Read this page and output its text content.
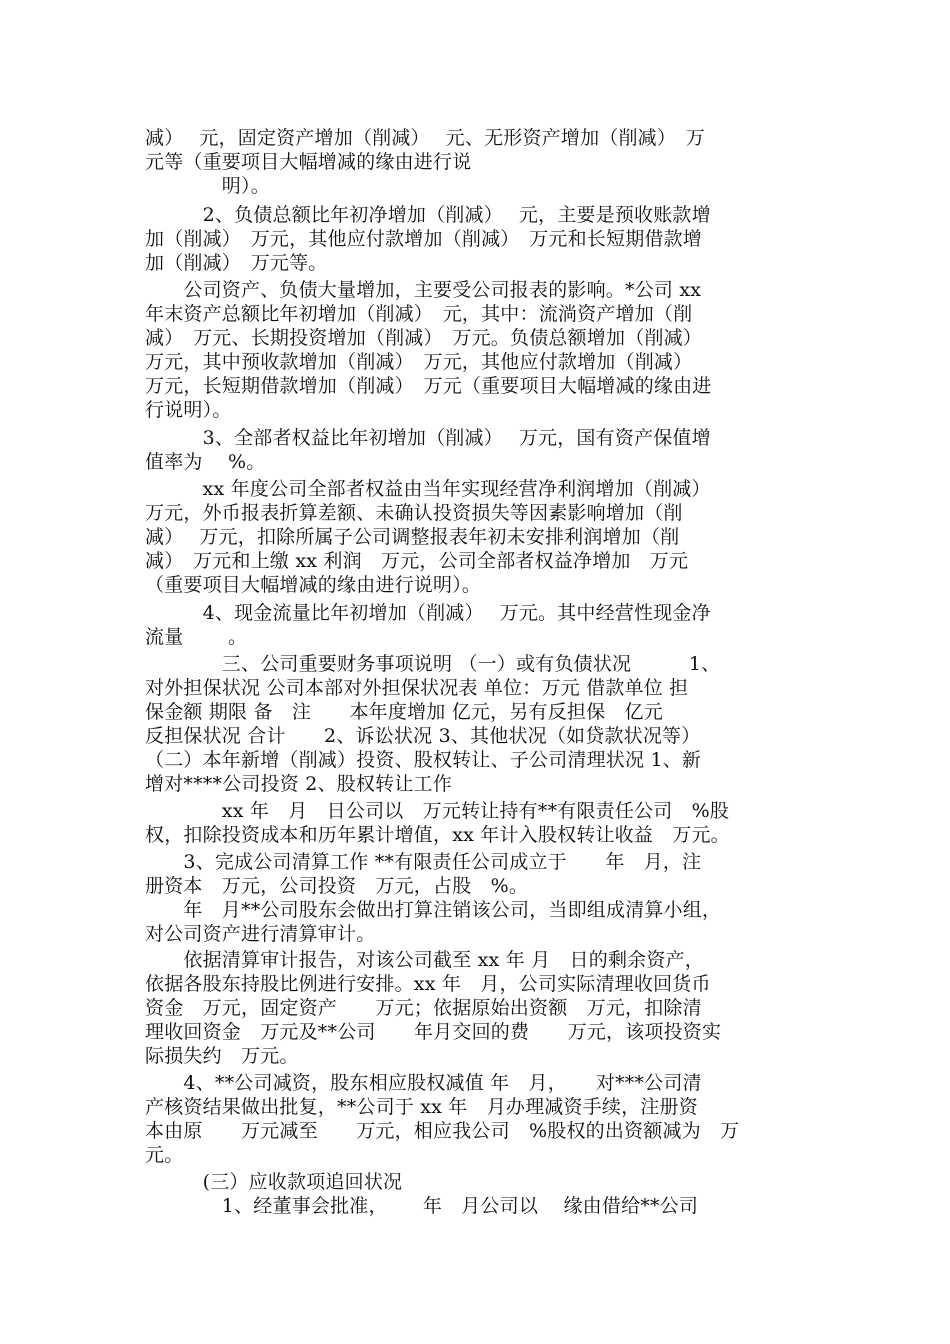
减）　 元，固定资产增加（削减）　 元、无形资产增加（削减）　万
元等（重要项目大幅增减的缘由进行说
　　　　明）。
　　　2、负债总额比年初净增加（削减）　 元，主要是预收账款增
加（削减）　万元，其他应付款增加（削减）　万元和长短期借款增
加（削减）　万元等。
　　公司资产、负债大量增加，主要受公司报表的影响。*公司 xx
年末资产总额比年初增加（削减）　元，其中：流淌资产增加（削
减）　万元、长期投资增加（削减）　万元。负债总额增加（削减）
万元，其中预收款增加（削减）　万元，其他应付款增加（削减）
万元，长短期借款增加（削减）　万元（重要项目大幅增减的缘由进
行说明）。
　　　3、全部者权益比年初增加（削减）　 万元，国有资产保值增
值率为　 %。
　　　xx 年度公司全部者权益由当年实现经营净利润增加（削减）
万元，外币报表折算差额、未确认投资损失等因素影响增加（削
减）　 万元，扣除所属子公司调整报表年初未安排利润增加（削
减）　万元和上缴 xx 利润　万元，公司全部者权益净增加　万元
（重要项目大幅增减的缘由进行说明）。
　　　4、现金流量比年初增加（削减）　 万元。其中经营性现金净
流量　　 。
　　　　三、公司重要财务事项说明 （一）或有负债状况　　　1、
对外担保状况 公司本部对外担保状况表 单位：万元 借款单位 担
保金额 期限 备　注　　本年度增加 亿元，另有反担保　亿元
反担保状况 合计　　2、诉讼状况 3、其他状况（如贷款状况等）
（二）本年新增（削减）投资、股权转让、子公司清理状况 1、新
增对****公司投资 2、股权转让工作
　　　　xx 年　月　日公司以　万元转让持有**有限责任公司　%股
权，扣除投资成本和历年累计增值，xx 年计入股权转让收益　万元。
　　3、完成公司清算工作 **有限责任公司成立于　　年　月，注
册资本　万元，公司投资　万元，占股　%。
　　年　月**公司股东会做出打算注销该公司，当即组成清算小组，
对公司资产进行清算审计。
　　依据清算审计报告，对该公司截至 xx 年 月　日的剩余资产，
依据各股东持股比例进行安排。xx 年　月，公司实际清理收回货币
资金　万元，固定资产　　万元；依据原始出资额　万元，扣除清
理收回资金　万元及**公司　　年月交回的费　　万元，该项投资实
际损失约　万元。
　　4、**公司减资，股东相应股权减值 年　月，　　对***公司清
产核资结果做出批复，**公司于 xx 年　月办理减资手续，注册资
本由原　　万元减至　　万元，相应我公司　%股权的出资额减为　万
元。
　　　(三）应收款项追回状况
　　　　1、经董事会批准，　　 年　月公司以　 缘由借给**公司
